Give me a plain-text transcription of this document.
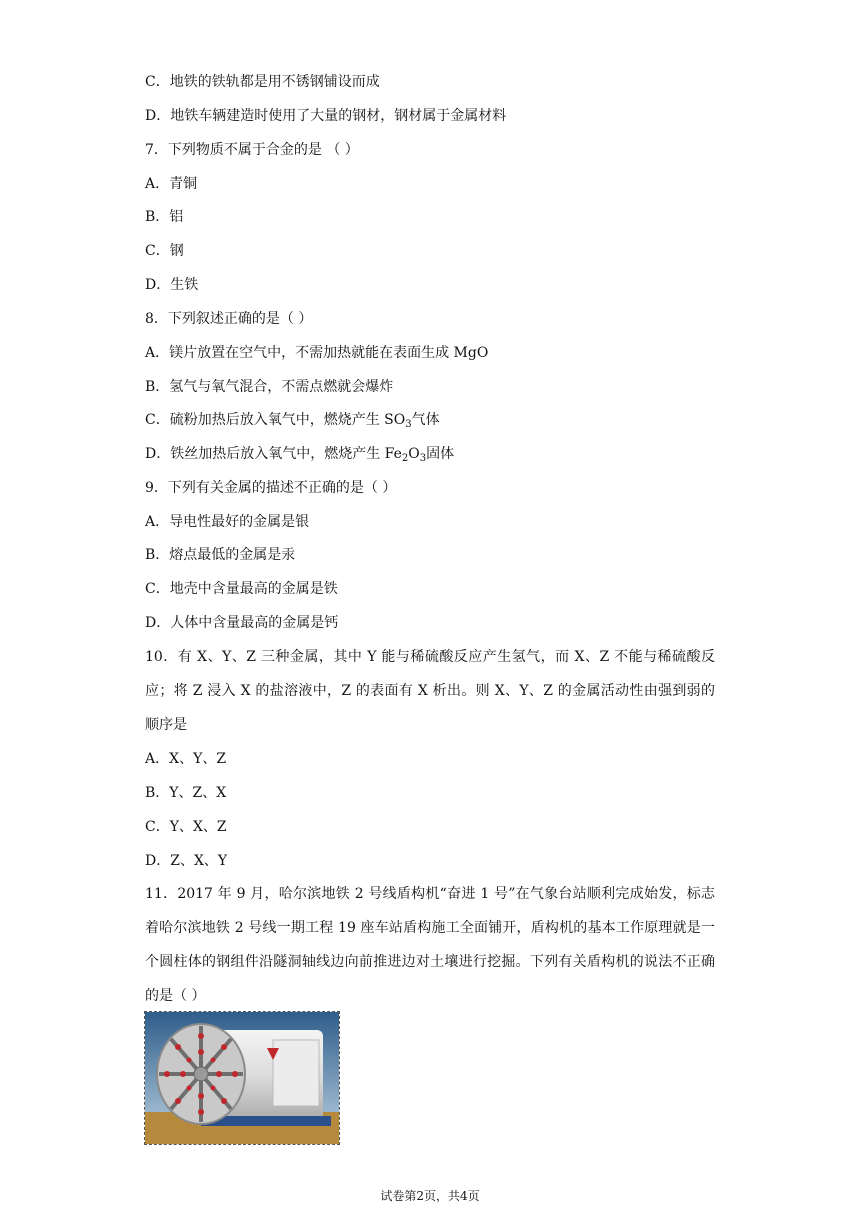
C．地铁的铁轨都是用不锈钢铺设而成
D．地铁车辆建造时使用了大量的钢材，钢材属于金属材料
7．下列物质不属于合金的是 （ ）
A．青铜
B．铝
C．钢
D．生铁
8．下列叙述正确的是（ ）
A．镁片放置在空气中，不需加热就能在表面生成 MgO
B．氢气与氧气混合，不需点燃就会爆炸
C．硫粉加热后放入氧气中，燃烧产生 $SO_3$气体
D．铁丝加热后放入氧气中，燃烧产生 $Fe_2O_3$固体
9．下列有关金属的描述不正确的是（ ）
A．导电性最好的金属是银
B．熔点最低的金属是汞
C．地壳中含量最高的金属是铁
D．人体中含量最高的金属是钙
10．有 X、Y、Z 三种金属，其中 Y 能与稀硫酸反应产生氢气，而 X、Z 不能与稀硫酸反应；将 Z 浸入 X 的盐溶液中，Z 的表面有 X 析出。则 X、Y、Z 的金属活动性由强到弱的顺序是
A．X、Y、Z
B．Y、Z、X
C．Y、X、Z
D．Z、X、Y
11．2017 年 9 月，哈尔滨地铁 2 号线盾构机“奋进 1 号”在气象台站顺利完成始发，标志着哈尔滨地铁 2 号线一期工程 19 座车站盾构施工全面铺开，盾构机的基本工作原理就是一个圆柱体的钢组件沿隧洞轴线边向前推进边对土壤进行挖掘。下列有关盾构机的说法不正确的是（ ）
试卷第2页，共4页
